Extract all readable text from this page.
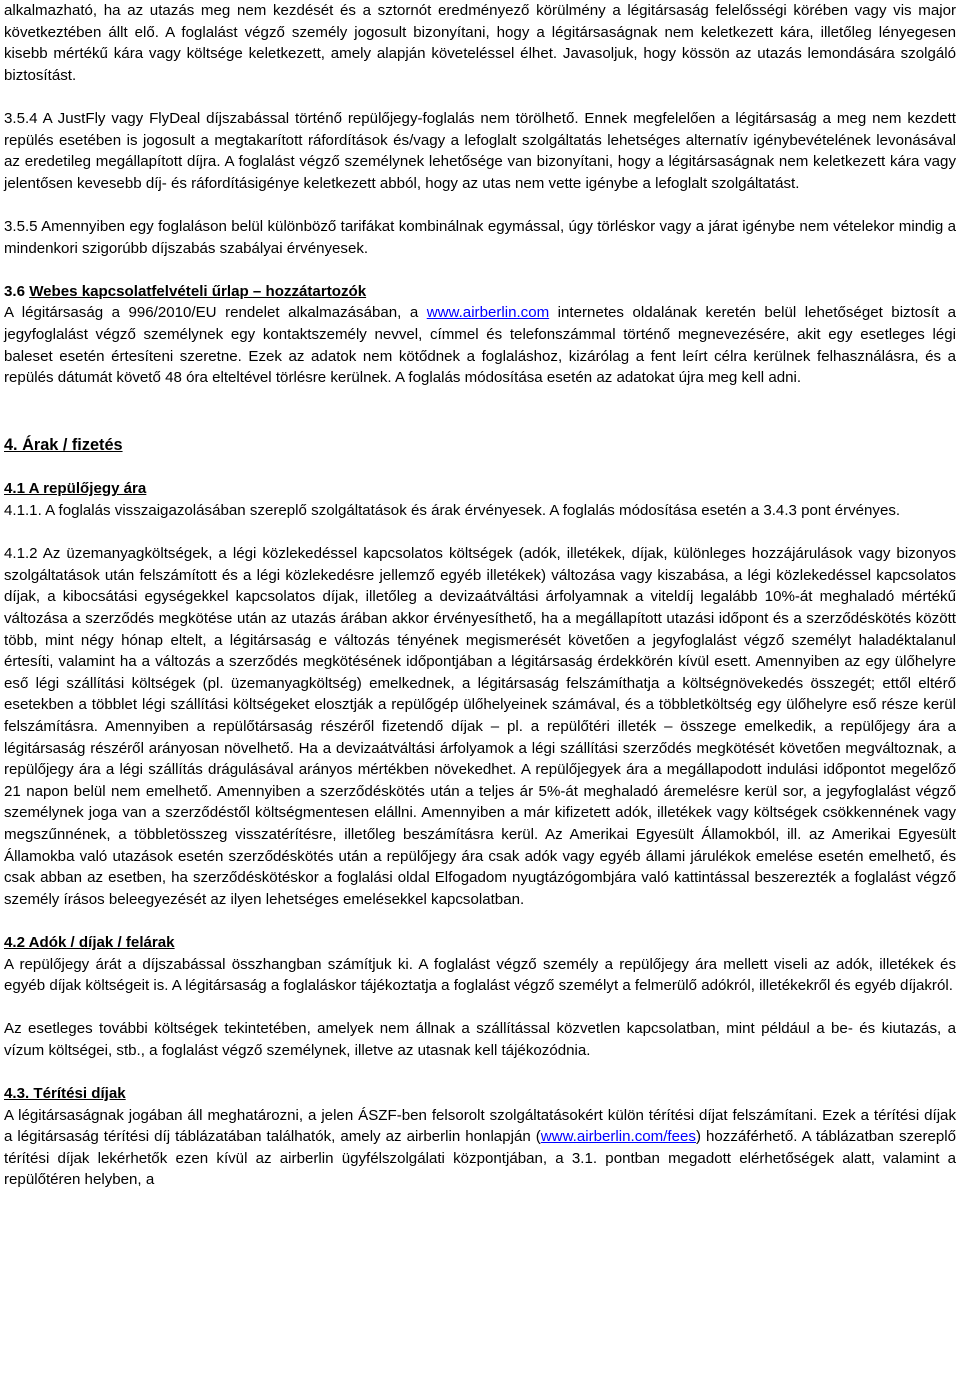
alkalmazható, ha az utazás meg nem kezdését és a sztornót eredményező körülmény a légitársaság felelősségi körében vagy vis major következtében állt elő. A foglalást végző személy jogosult bizonyítani, hogy a légitársaságnak nem keletkezett kára, illetőleg lényegesen kisebb mértékű kára vagy költsége keletkezett, amely alapján követeléssel élhet. Javasoljuk, hogy kössön az utazás lemondására szolgáló biztosítást.

3.5.4 A JustFly vagy FlyDeal díjszabással történő repülőjegy-foglalás nem törölhető. Ennek megfelelően a légitársaság a meg nem kezdett repülés esetében is jogosult a megtakarított ráfordítások és/vagy a lefoglalt szolgáltatás lehetséges alternatív igénybevételének levonásával az eredetileg megállapított díjra. A foglalást végző személynek lehetősége van bizonyítani, hogy a légitársaságnak nem keletkezett kára vagy jelentősen kevesebb díj- és ráfordításigénye keletkezett abból, hogy az utas nem vette igénybe a lefoglalt szolgáltatást.

3.5.5 Amennyiben egy foglaláson belül különböző tarifákat kombinálnak egymással, úgy törléskor vagy a járat igénybe nem vételekor mindig a mindenkori szigorúbb díjszabás szabályai érvényesek.

3.6 Webes kapcsolatfelvételi űrlap – hozzátartozók

A légitársaság a 996/2010/EU rendelet alkalmazásában, a www.airberlin.com internetes oldalának keretén belül lehetőséget biztosít a jegyfoglalást végző személynek egy kontaktszemély nevvel, címmel és telefonszámmal történő megnevezésére, akit egy esetleges légi baleset esetén értesíteni szeretne. Ezek az adatok nem kötődnek a foglaláshoz, kizárólag a fent leírt célra kerülnek felhasználásra, és a repülés dátumát követő 48 óra elteltével törlésre kerülnek. A foglalás módosítása esetén az adatokat újra meg kell adni.

4. Árak / fizetés

4.1 A repülőjegy ára

4.1.1. A foglalás visszaigazolásában szereplő szolgáltatások és árak érvényesek. A foglalás módosítása esetén a 3.4.3 pont érvényes.

4.1.2 Az üzemanyagköltségek, a légi közlekedéssel kapcsolatos költségek (adók, illetékek, díjak, különleges hozzájárulások vagy bizonyos szolgáltatások után felszámított és a légi közlekedésre jellemző egyéb illetékek) változása vagy kiszabása, a légi közlekedéssel kapcsolatos díjak, a kibocsátási egységekkel kapcsolatos díjak, illetőleg a devizaátváltási árfolyamnak a viteldíj legalább 10%-át meghaladó mértékű változása a szerződés megkötése után az utazás árában akkor érvényesíthető, ha a megállapított utazási időpont és a szerződéskötés között több, mint négy hónap eltelt, a légitársaság e változás tényének megismerését követően a jegyfoglalást végző személyt haladéktalanul értesíti, valamint ha a változás a szerződés megkötésének időpontjában a légitársaság érdekkörén kívül esett. Amennyiben az egy ülőhelyre eső légi szállítási költségek (pl. üzemanyagköltség) emelkednek, a légitársaság felszámíthatja a költségnövekedés összegét; ettől eltérő esetekben a többlet légi szállítási költségeket elosztják a repülőgép ülőhelyeinek számával, és a többletköltség egy ülőhelyre eső része kerül felszámításra. Amennyiben a repülőtársaság részéről fizetendő díjak – pl. a repülőtéri illeték – összege emelkedik, a repülőjegy ára a légitársaság részéről arányosan növelhető. Ha a devizaátváltási árfolyamok a légi szállítási szerződés megkötését követően megváltoznak, a repülőjegy ára a légi szállítás drágulásával arányos mértékben növekedhet. A repülőjegyek ára a megállapodott indulási időpontot megelőző 21 napon belül nem emelhető. Amennyiben a szerződéskötés után a teljes ár 5%-át meghaladó áremelésre kerül sor, a jegyfoglalást végző személynek joga van a szerződéstől költségmentesen elállni. Amennyiben a már kifizetett adók, illetékek vagy költségek csökkennének vagy megszűnnének, a többletösszeg visszatérítésre, illetőleg beszámításra kerül. Az Amerikai Egyesült Államokból, ill. az Amerikai Egyesült Államokba való utazások esetén szerződéskötés után a repülőjegy ára csak adók vagy egyéb állami járulékok emelése esetén emelhető, és csak abban az esetben, ha szerződéskötéskor a foglalási oldal Elfogadom nyugtázógombjára való kattintással beszerezték a foglalást végző személy írásos beleegyezését az ilyen lehetséges emelésekkel kapcsolatban.

4.2 Adók / díjak / felárak

A repülőjegy árát a díjszabással összhangban számítjuk ki. A foglalást végző személy a repülőjegy ára mellett viseli az adók, illetékek és egyéb díjak költségeit is. A légitársaság a foglaláskor tájékoztatja a foglalást végző személyt a felmerülő adókról, illetékekről és egyéb díjakról.

Az esetleges további költségek tekintetében, amelyek nem állnak a szállítással közvetlen kapcsolatban, mint például a be- és kiutazás, a vízum költségei, stb., a foglalást végző személynek, illetve az utasnak kell tájékozódnia.

4.3. Térítési díjak

A légitársaságnak jogában áll meghatározni, a jelen ÁSZF-ben felsorolt szolgáltatásokért külön térítési díjat felszámítani. Ezek a térítési díjak a légitársaság térítési díj táblázatában találhatók, amely az airberlin honlapján (www.airberlin.com/fees) hozzáférhető. A táblázatban szereplő térítési díjak lekérhetők ezen kívül az airberlin ügyfélszolgálati központjában, a 3.1. pontban megadott elérhetőségek alatt, valamint a repülőtéren helyben, a
